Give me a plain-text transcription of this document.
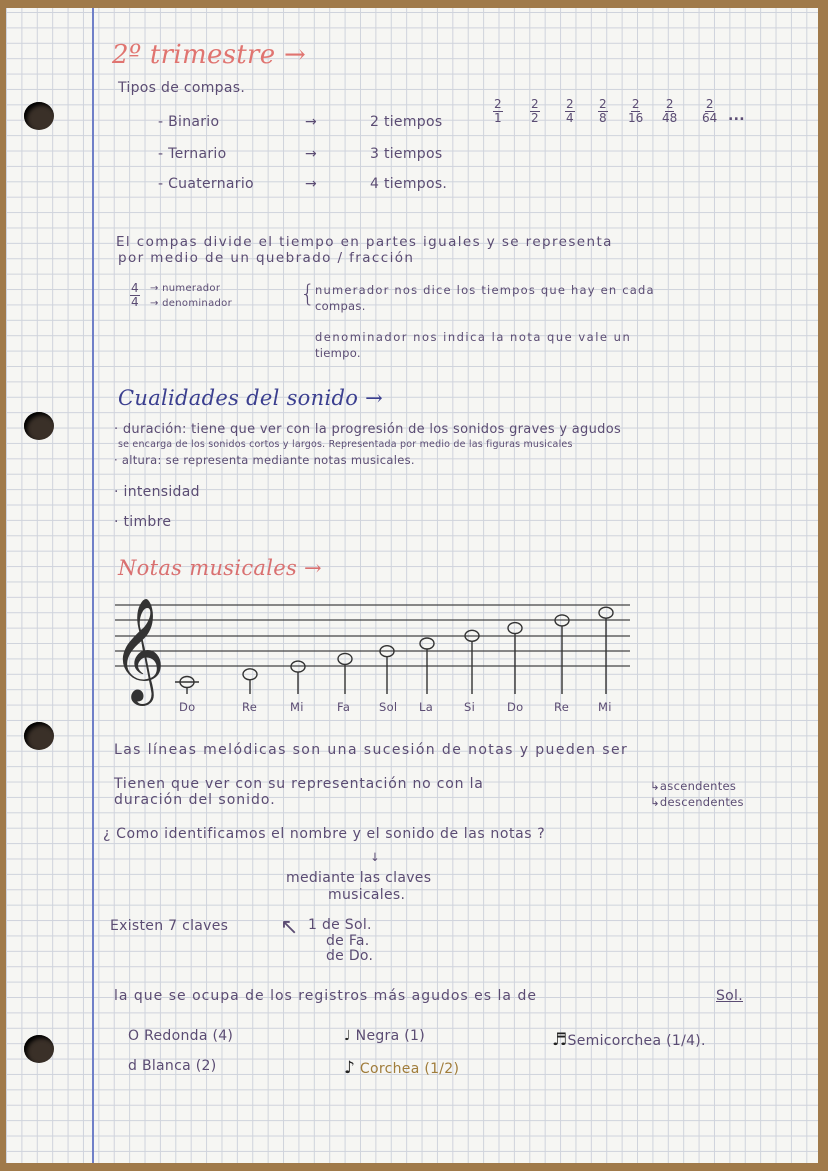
2º trimestre →
Tipos de compas.
- Binario	→	2 tiempos
- Ternario	→	3 tiempos
- Cuaternario	→	4 tiempos.
$\frac{2}{1} \frac{2}{2} \frac{2}{4} \frac{2}{8} \frac{2}{16} \frac{2}{48} \frac{2}{64}$ ...
El compas divide el tiempo en partes iguales y se representa
por medio de un quebrado / fracción
$\frac{4}{4}$ → numerador
→ denominador	{ numerador nos dice los tiempos que hay en cada
compas.
denominador nos indica la nota que vale un
tiempo.
Cualidades del sonido →
· duración: tiene que ver con la progresión de los sonidos graves y agudos
se encarga de los sonidos cortos y largos. Representada por medio de las figuras musicales
· altura: se representa mediante notas musicales.
· intensidad
· timbre
Notas musicales →
𝄞
Do	Re	Mi	Fa	Sol La	Si	Do	Re	Mi
Las líneas melódicas son una sucesión de notas y pueden ser
Tienen que ver con su representación no con la
duración del sonido.
↳ascendentes
↳descendentes
¿ Como identificamos el nombre y el sonido de las notas ?
↓
mediante las claves
musicales.
Existen 7 claves ↖ 1 de Sol.
de Fa.
de Do.
la que se ocupa de los registros más agudos es la de	Sol.
O Redonda (4)
d Blanca (2)
♩ Negra (1)
♪ Corchea (1/2)
♬Semicorchea (1/4).
